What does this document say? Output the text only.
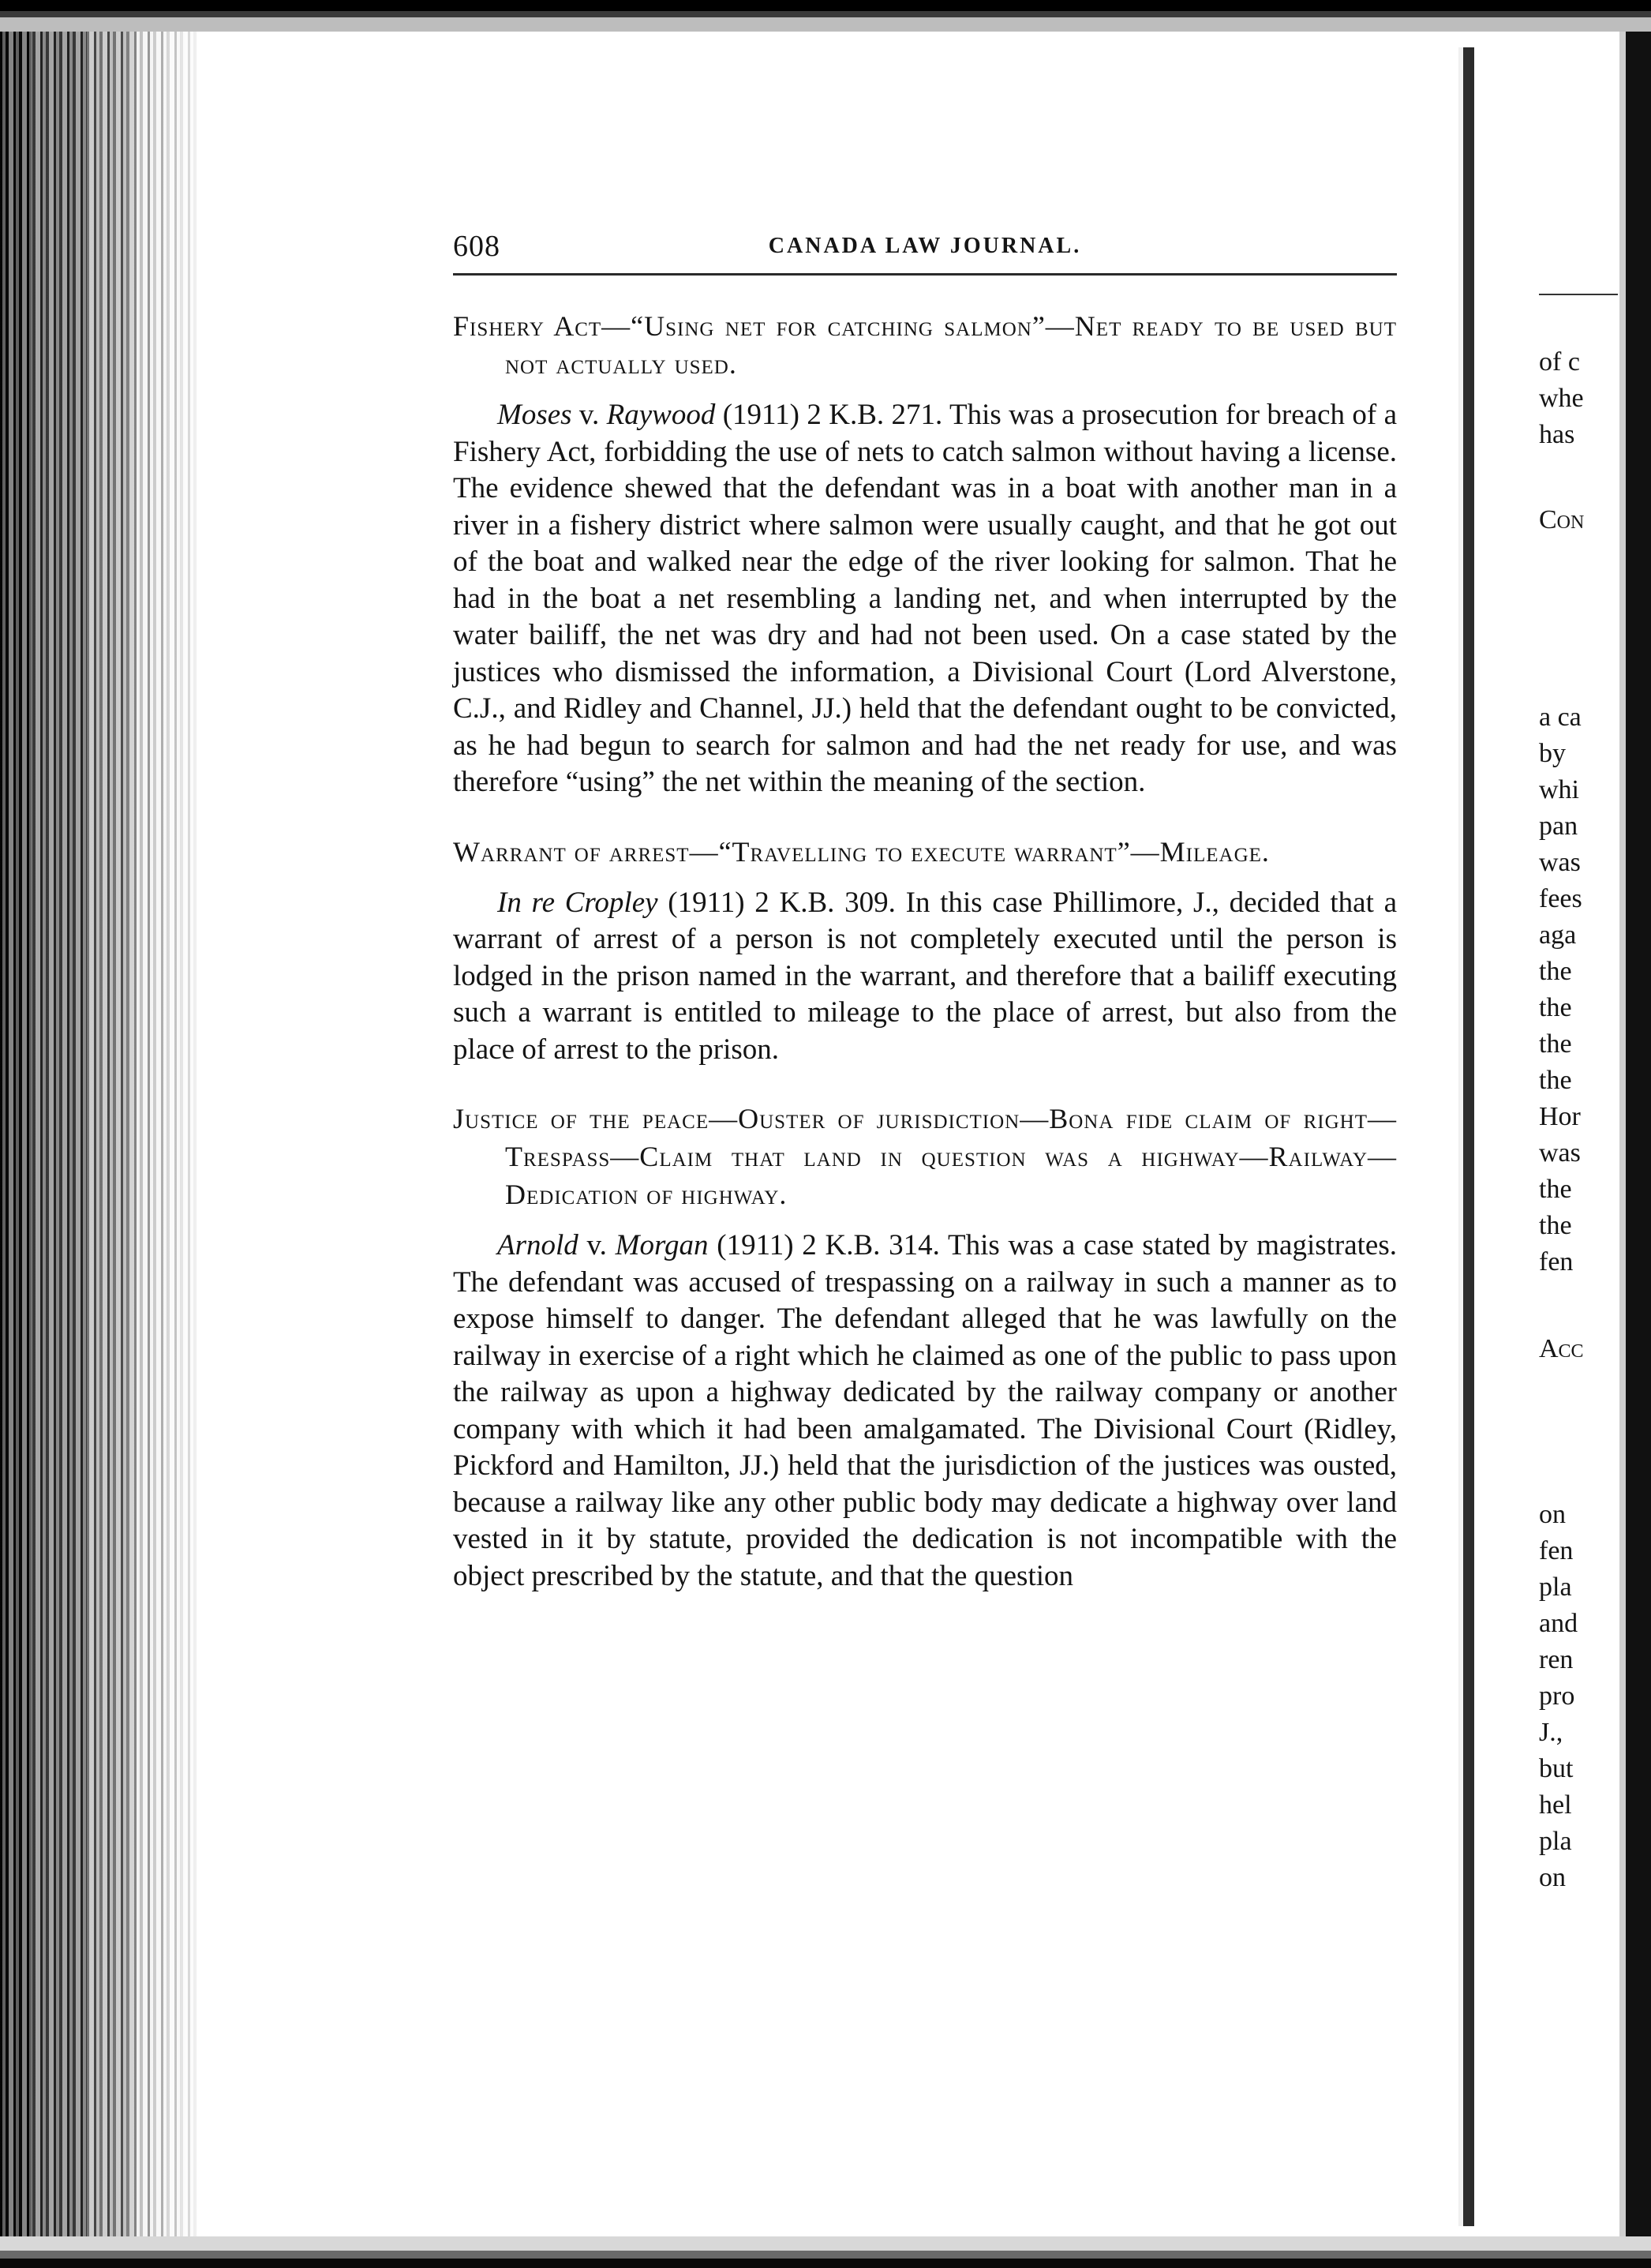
of c
whe
has
Con
a ca
by
whi
pan
was
fees
aga
the
the
the
the
Hor
was
the
the
fen
Acc
on
fen
pla
and
ren
pro
J.,
but
hel
pla
on
608	CANADA LAW JOURNAL.
Fishery Act—“Using net for catching salmon”—Net ready to be used but not actually used.

Moses v. Raywood (1911) 2 K.B. 271. This was a prosecution for breach of a Fishery Act, forbidding the use of nets to catch salmon without having a license. The evidence shewed that the defendant was in a boat with another man in a river in a fishery district where salmon were usually caught, and that he got out of the boat and walked near the edge of the river looking for salmon. That he had in the boat a net resembling a landing net, and when interrupted by the water bailiff, the net was dry and had not been used. On a case stated by the justices who dismissed the information, a Divisional Court (Lord Alverstone, C.J., and Ridley and Channel, JJ.) held that the defendant ought to be convicted, as he had begun to search for salmon and had the net ready for use, and was therefore “using” the net within the meaning of the section.

Warrant of arrest—“Travelling to execute warrant”—Mileage.

In re Cropley (1911) 2 K.B. 309. In this case Phillimore, J., decided that a warrant of arrest of a person is not completely executed until the person is lodged in the prison named in the warrant, and therefore that a bailiff executing such a warrant is entitled to mileage to the place of arrest, but also from the place of arrest to the prison.

Justice of the peace—Ouster of jurisdiction—Bona fide claim of right—Trespass—Claim that land in question was a highway—Railway—Dedication of highway.

Arnold v. Morgan (1911) 2 K.B. 314. This was a case stated by magistrates. The defendant was accused of trespassing on a railway in such a manner as to expose himself to danger. The defendant alleged that he was lawfully on the railway in exercise of a right which he claimed as one of the public to pass upon the railway as upon a highway dedicated by the railway company or another company with which it had been amalgamated. The Divisional Court (Ridley, Pickford and Hamilton, JJ.) held that the jurisdiction of the justices was ousted, because a railway like any other public body may dedicate a highway over land vested in it by statute, provided the dedication is not incompatible with the object prescribed by the statute, and that the question
